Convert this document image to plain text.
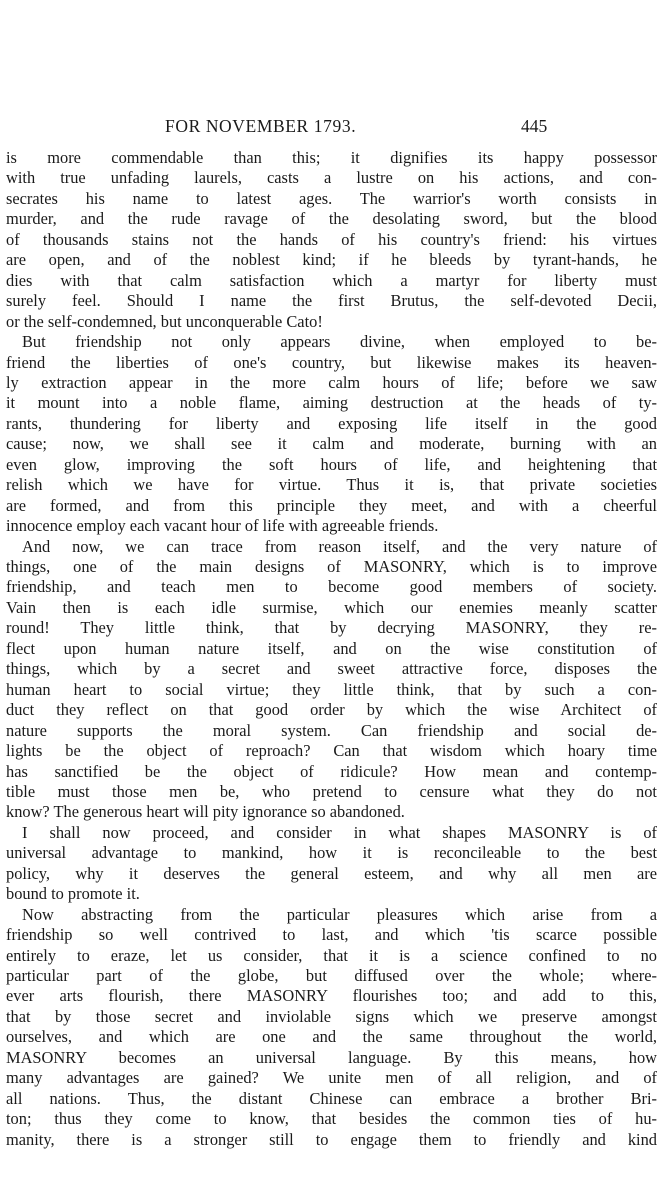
FOR NOVEMBER 1793.	445
is more commendable than this; it dignifies its happy possessor
with true unfading laurels, casts a lustre on his actions, and con-
secrates his name to latest ages. The warrior's worth consists in
murder, and the rude ravage of the desolating sword, but the blood
of thousands stains not the hands of his country's friend: his virtues
are open, and of the noblest kind; if he bleeds by tyrant-hands, he
dies with that calm satisfaction which a martyr for liberty must
surely feel. Should I name the first Brutus, the self-devoted Decii,
or the self-condemned, but unconquerable Cato!
But friendship not only appears divine, when employed to be-
friend the liberties of one's country, but likewise makes its heaven-
ly extraction appear in the more calm hours of life; before we saw
it mount into a noble flame, aiming destruction at the heads of ty-
rants, thundering for liberty and exposing life itself in the good
cause; now, we shall see it calm and moderate, burning with an
even glow, improving the soft hours of life, and heightening that
relish which we have for virtue. Thus it is, that private societies
are formed, and from this principle they meet, and with a cheerful
innocence employ each vacant hour of life with agreeable friends.
And now, we can trace from reason itself, and the very nature of
things, one of the main designs of MASONRY, which is to improve
friendship, and teach men to become good members of society.
Vain then is each idle surmise, which our enemies meanly scatter
round! They little think, that by decrying MASONRY, they re-
flect upon human nature itself, and on the wise constitution of
things, which by a secret and sweet attractive force, disposes the
human heart to social virtue; they little think, that by such a con-
duct they reflect on that good order by which the wise Architect of
nature supports the moral system. Can friendship and social de-
lights be the object of reproach? Can that wisdom which hoary time
has sanctified be the object of ridicule? How mean and contemp-
tible must those men be, who pretend to censure what they do not
know? The generous heart will pity ignorance so abandoned.
I shall now proceed, and consider in what shapes MASONRY is of
universal advantage to mankind, how it is reconcileable to the best
policy, why it deserves the general esteem, and why all men are
bound to promote it.
Now abstracting from the particular pleasures which arise from a
friendship so well contrived to last, and which 'tis scarce possible
entirely to eraze, let us consider, that it is a science confined to no
particular part of the globe, but diffused over the whole; where-
ever arts flourish, there MASONRY flourishes too; and add to this,
that by those secret and inviolable signs which we preserve amongst
ourselves, and which are one and the same throughout the world,
MASONRY becomes an universal language. By this means, how
many advantages are gained? We unite men of all religion, and of
all nations. Thus, the distant Chinese can embrace a brother Bri-
ton; thus they come to know, that besides the common ties of hu-
manity, there is a stronger still to engage them to friendly and kind
